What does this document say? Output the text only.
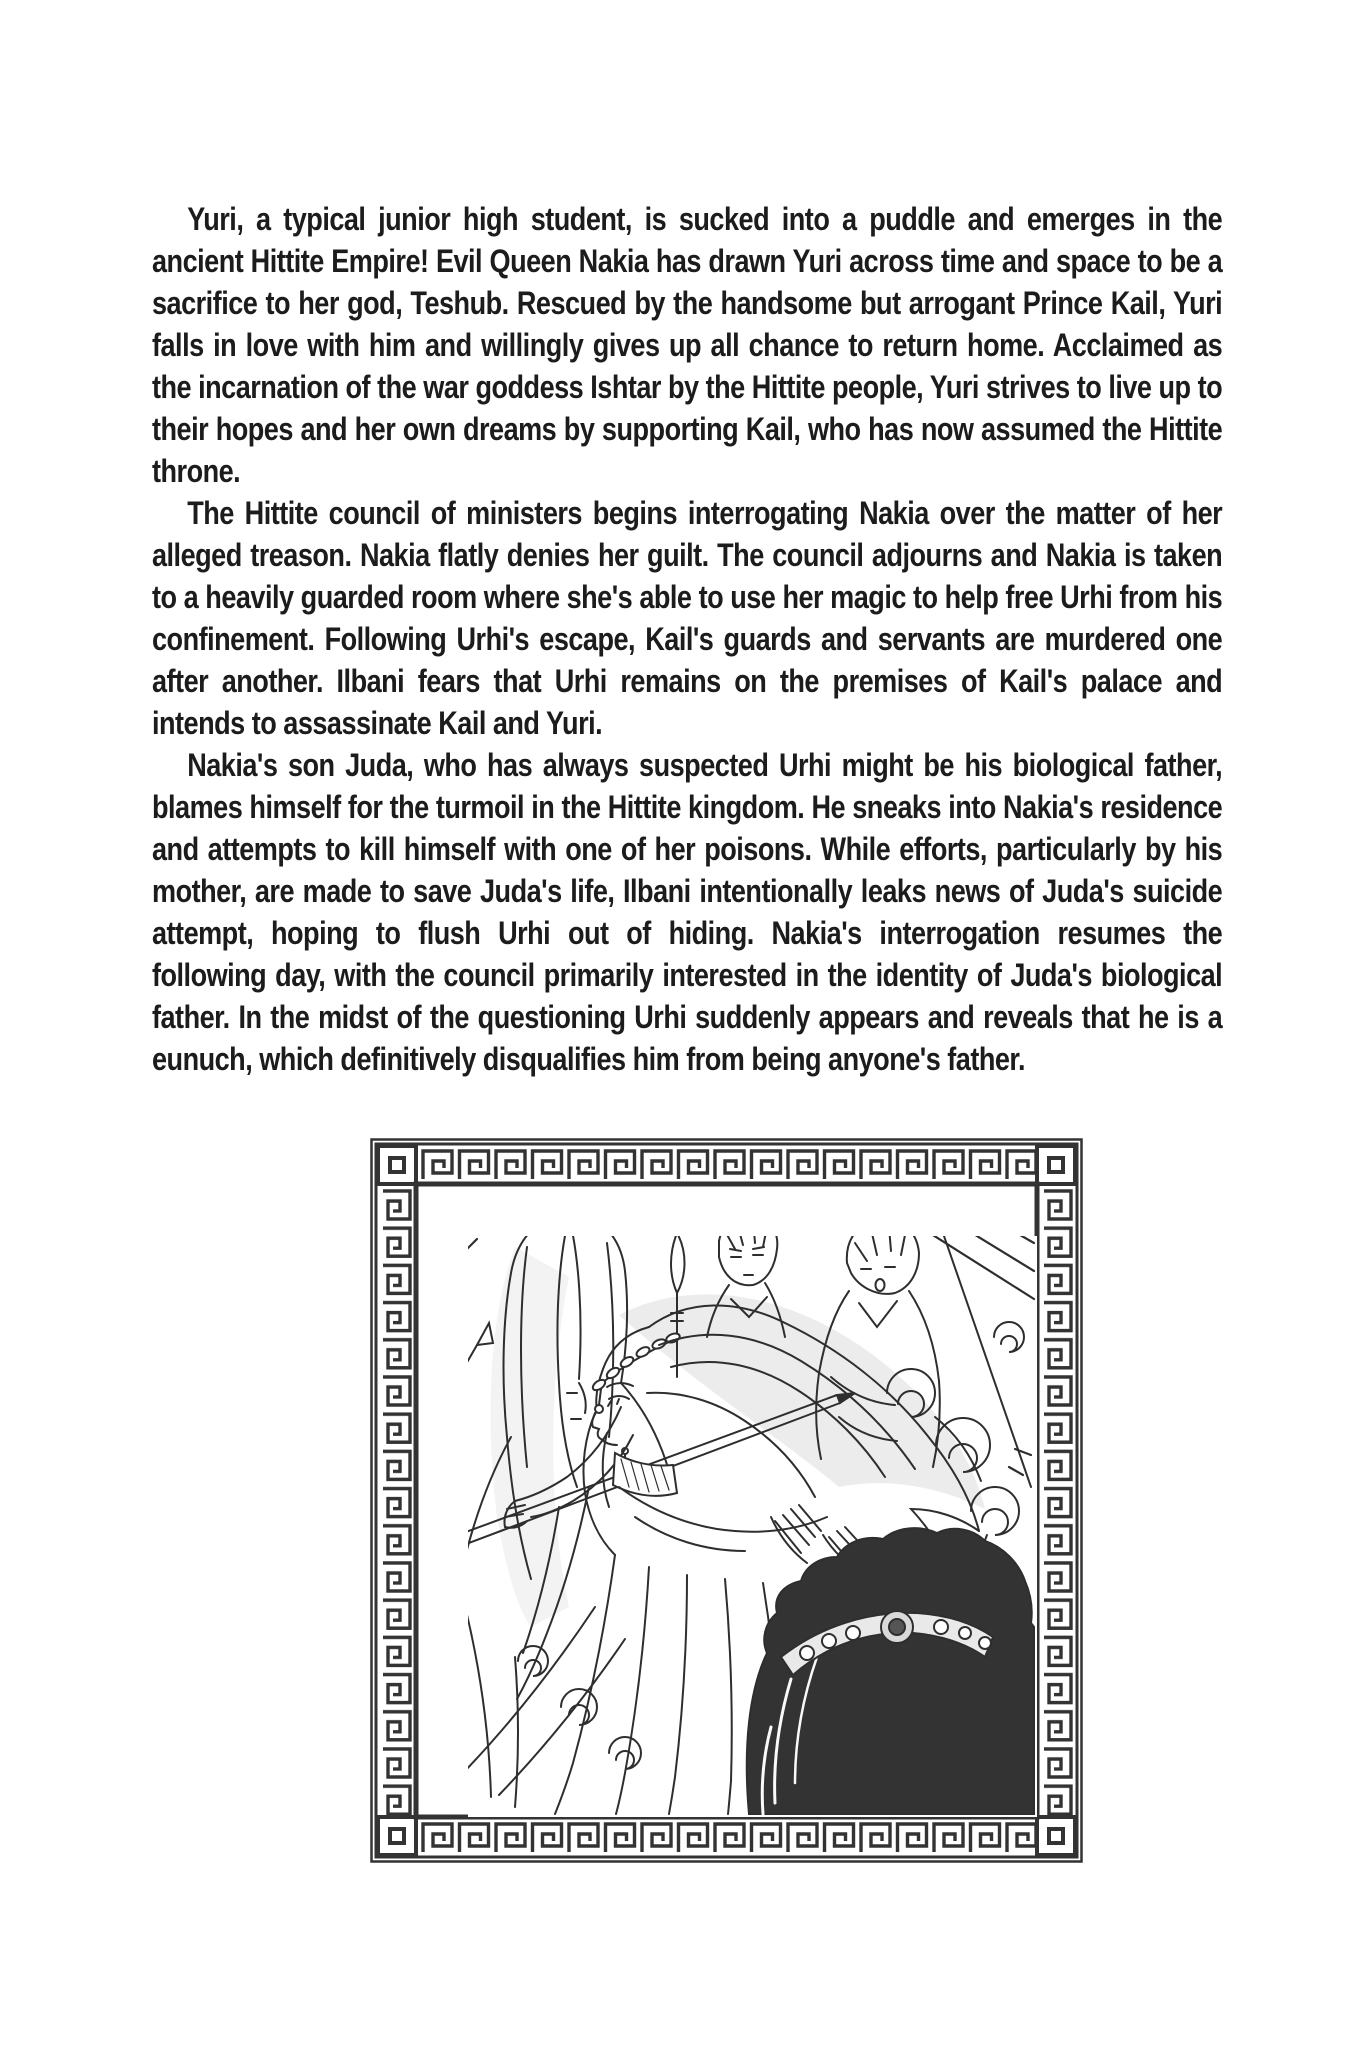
Yuri, a typical junior high student, is sucked into a puddle and emerges in the ancient Hittite Empire! Evil Queen Nakia has drawn Yuri across time and space to be a sacrifice to her god, Teshub. Rescued by the handsome but arrogant Prince Kail, Yuri falls in love with him and willingly gives up all chance to return home. Acclaimed as the incarnation of the war goddess Ishtar by the Hittite people, Yuri strives to live up to their hopes and her own dreams by supporting Kail, who has now assumed the Hittite throne.

The Hittite council of ministers begins interrogating Nakia over the matter of her alleged treason. Nakia flatly denies her guilt. The council adjourns and Nakia is taken to a heavily guarded room where she's able to use her magic to help free Urhi from his confinement. Following Urhi's escape, Kail's guards and servants are murdered one after another. Ilbani fears that Urhi remains on the premises of Kail's palace and intends to assassinate Kail and Yuri.

Nakia's son Juda, who has always suspected Urhi might be his biological father, blames himself for the turmoil in the Hittite kingdom. He sneaks into Nakia's residence and attempts to kill himself with one of her poisons. While efforts, particularly by his mother, are made to save Juda's life, Ilbani intentionally leaks news of Juda's suicide attempt, hoping to flush Urhi out of hiding. Nakia's interrogation resumes the following day, with the council primarily interested in the identity of Juda's biological father. In the midst of the questioning Urhi suddenly appears and reveals that he is a eunuch, which definitively disqualifies him from being anyone's father.
